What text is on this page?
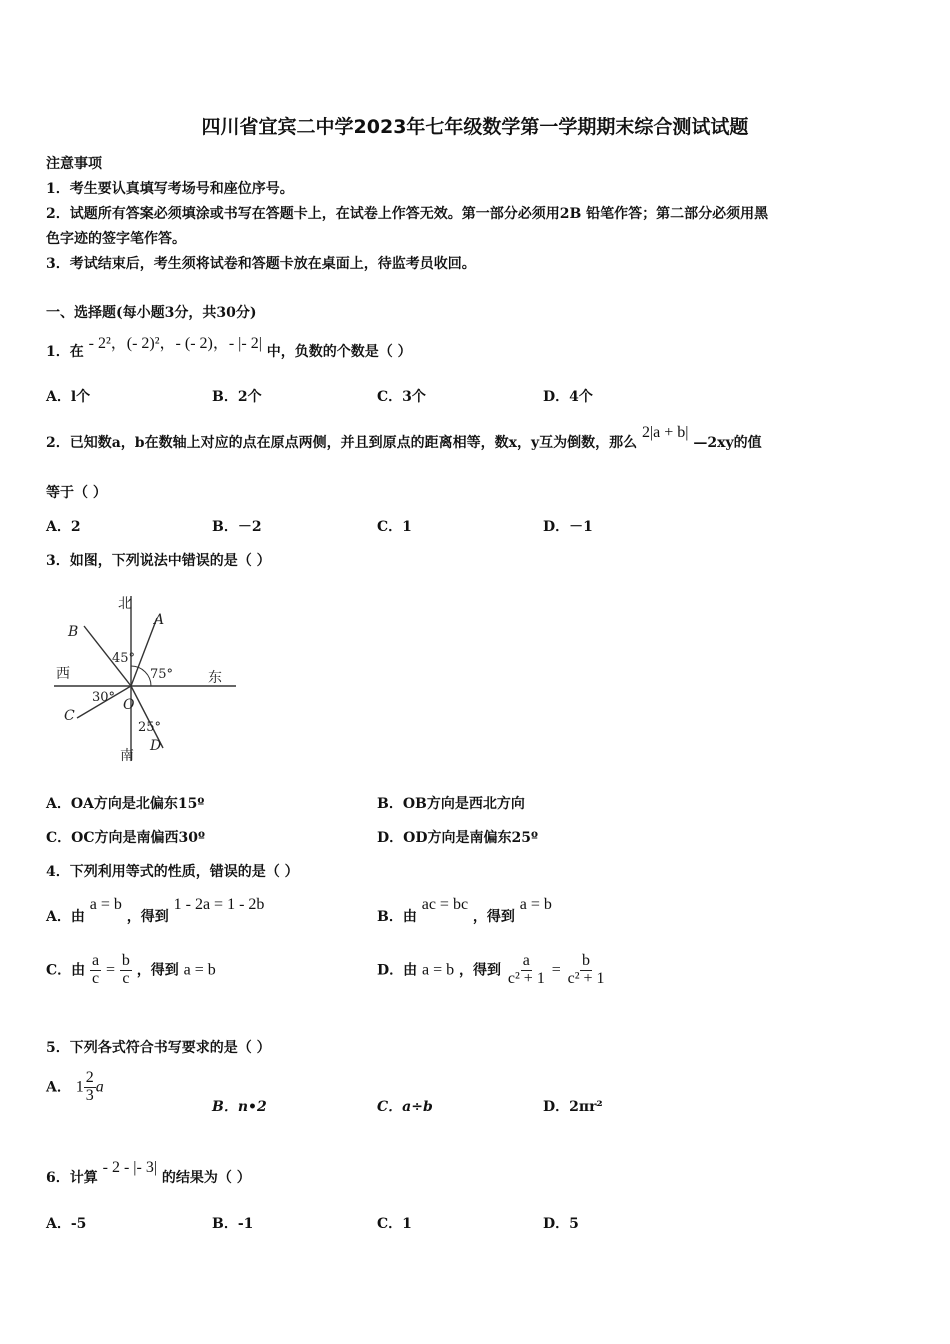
四川省宜宾二中学2023年七年级数学第一学期期末综合测试试题
注意事项
1．考生要认真填写考场号和座位序号。
2．试题所有答案必须填涂或书写在答题卡上，在试卷上作答无效。第一部分必须用2B 铅笔作答；第二部分必须用黑
色字迹的签字笔作答。
3．考试结束后，考生须将试卷和答题卡放在桌面上，待监考员收回。
一、选择题(每小题3分，共30分)
1．在 - 2²，(- 2)²，- (- 2)，- |- 2| 中，负数的个数是（ ）
A．l个	B．2个	C．3个	D．4个
2．已知数a，b在数轴上对应的点在原点两侧，并且到原点的距离相等，数x，y互为倒数，那么 2|a + b| —2xy的值
等于（ ）
A．2	B．－2	C．1	D．－1
3．如图，下列说法中错误的是（ ）
北
南
西	东
A
B
C
D
O
45°
75°
30°
25°
A．OA方向是北偏东15º	B．OB方向是西北方向
C．OC方向是南偏西30º	D．OD方向是南偏东25º
4．下列利用等式的性质，错误的是（ ）
A．由 a = b ，得到 1 - 2a = 1 - 2b
B．由 ac = bc ，得到 a = b
C．由 $\frac{a}{c} = \frac{b}{c}$ ，得到 a = b	D．由 a = b ，得到 $\frac{a}{\text{c² + 1}} = \frac{b}{\text{c² + 1}}$
5．下列各式符合书写要求的是（ ）
A． $1 \frac{2}{3}$ a
B．n•2	C．a÷b	D．2πr²
6．计算 - 2 - |- 3| 的结果为（ ）
A．-5	B．-1	C．1	D．5
